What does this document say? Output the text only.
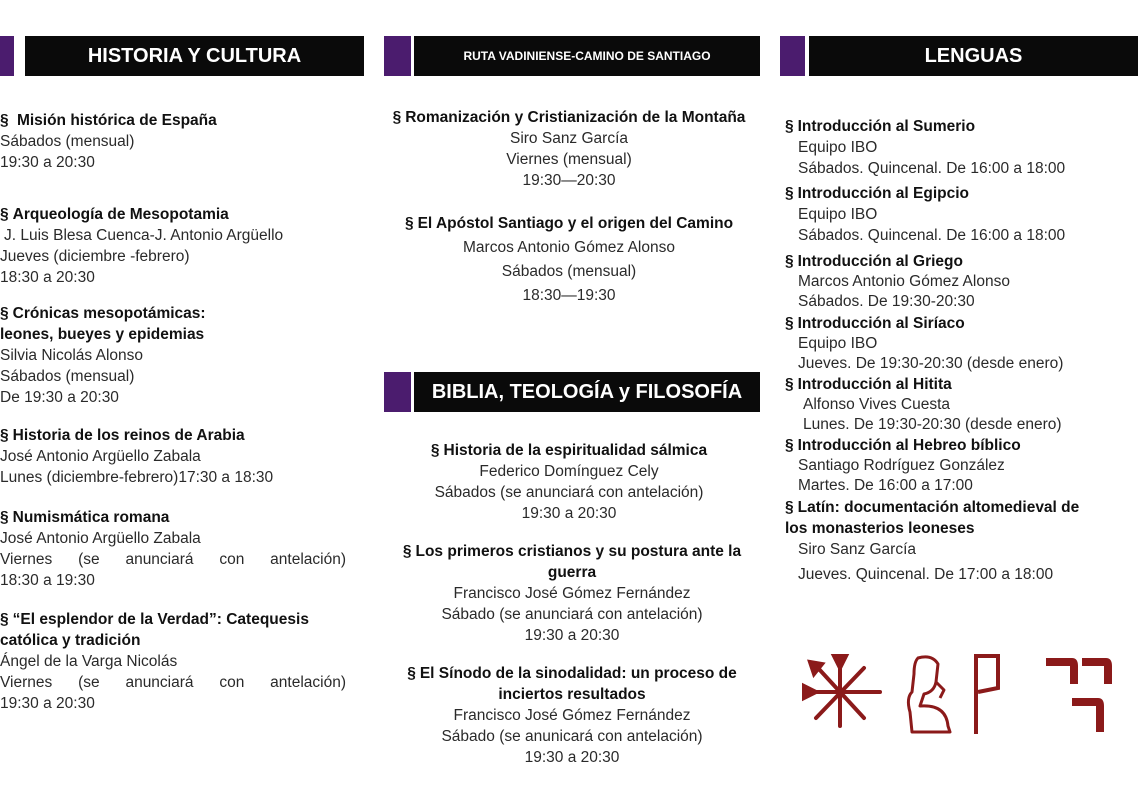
HISTORIA Y CULTURA
§ Misión histórica de España
Sábados (mensual)
19:30 a 20:30
§ Arqueología de Mesopotamia
J. Luis Blesa Cuenca-J. Antonio Argüello
Jueves (diciembre -febrero)
18:30 a 20:30
§ Crónicas mesopotámicas:
leones, bueyes y epidemias
Silvia Nicolás Alonso
Sábados (mensual)
De 19:30 a 20:30
§ Historia de los reinos de Arabia
José Antonio Argüello Zabala
Lunes (diciembre-febrero)17:30 a 18:30
§ Numismática romana
José Antonio Argüello Zabala
Viernes (se anunciará con antelación)
18:30 a 19:30
§ “El esplendor de la Verdad”: Catequesis
católica y tradición
Ángel de la Varga Nicolás
Viernes (se anunciará con antelación)
19:30 a 20:30
RUTA VADINIENSE-CAMINO DE SANTIAGO
§ Romanización y Cristianización de la Montaña
Siro Sanz García
Viernes (mensual)
19:30—20:30
§ El Apóstol Santiago y el origen del Camino
Marcos Antonio Gómez Alonso
Sábados (mensual)
18:30—19:30
BIBLIA, TEOLOGÍA y FILOSOFÍA
§ Historia de la espiritualidad sálmica
Federico Domínguez Cely
Sábados (se anunciará con antelación)
19:30 a 20:30
§ Los primeros cristianos y su postura ante la
guerra
Francisco José Gómez Fernández
Sábado (se anunciará con antelación)
19:30 a 20:30
§ El Sínodo de la sinodalidad: un proceso de
inciertos resultados
Francisco José Gómez Fernández
Sábado (se anunicará con antelación)
19:30 a 20:30
LENGUAS
§ Introducción al Sumerio
Equipo IBO
Sábados. Quincenal. De 16:00 a 18:00
§ Introducción al Egipcio
Equipo IBO
Sábados. Quincenal. De 16:00 a 18:00
§ Introducción al Griego
Marcos Antonio Gómez Alonso
Sábados. De 19:30-20:30
§ Introducción al Siríaco
Equipo IBO
Jueves. De 19:30-20:30 (desde enero)
§ Introducción al Hitita
Alfonso Vives Cuesta
Lunes. De 19:30-20:30 (desde enero)
§ Introducción al Hebreo bíblico
Santiago Rodríguez González
Martes. De 16:00 a 17:00
§ Latín: documentación altomedieval de
los monasterios leoneses
Siro Sanz García
Jueves. Quincenal. De 17:00 a 18:00
